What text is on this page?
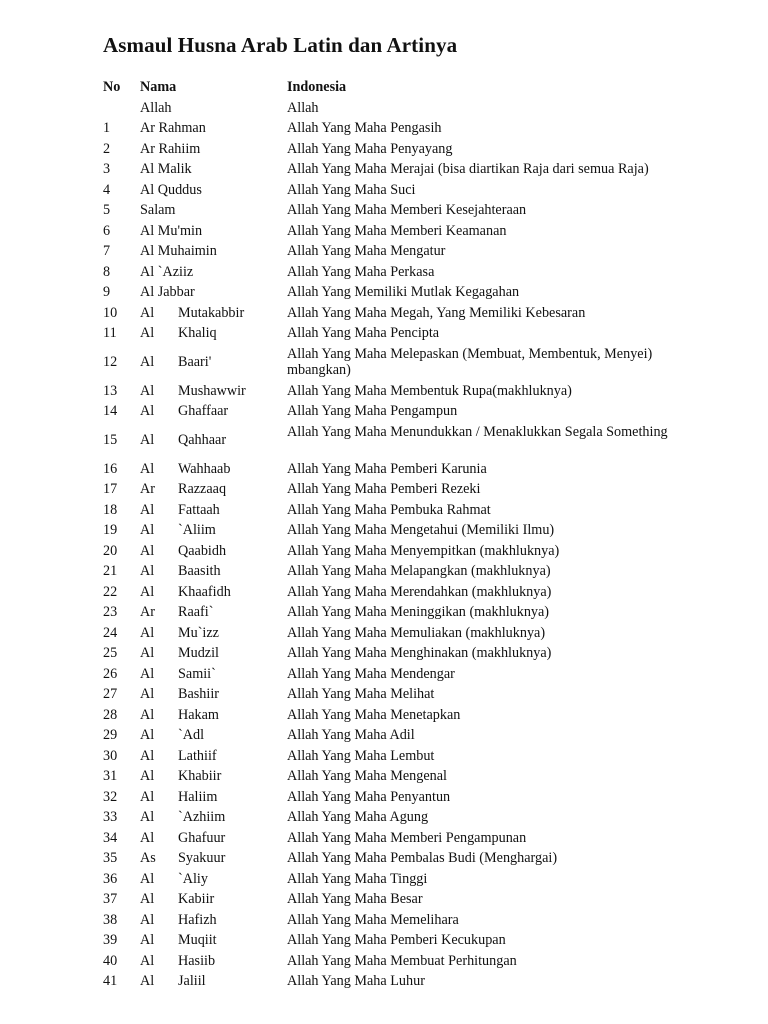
Asmaul Husna Arab Latin dan Artinya
No Nama	Indonesia
Allah	Allah
1 Ar Rahman	Allah Yang Maha Pengasih
2 Ar Rahiim	Allah Yang Maha Penyayang
3 Al Malik	Allah Yang Maha Merajai (bisa diartikan Raja dari semua Raja)
4 Al Quddus	Allah Yang Maha Suci
5 Salam	Allah Yang Maha Memberi Kesejahteraan
6 Al Mu'min	Allah Yang Maha Memberi Keamanan
7 Al Muhaimin	Allah Yang Maha Mengatur
8 Al `Aziiz	Allah Yang Maha Perkasa
9 Al Jabbar	Allah Yang Memiliki Mutlak Kegagahan
10 Al Mutakabbir	Allah Yang Maha Megah, Yang Memiliki Kebesaran
11 Al Khaliq	Allah Yang Maha Pencipta
12 Al Baari'	Allah Yang Maha Melepaskan (Membuat, Membentuk, Menyei) mbangkan)
13 Al Mushawwir	Allah Yang Maha Membentuk Rupa(makhluknya)
14 Al Ghaffaar	Allah Yang Maha Pengampun
15 Al Qahhaar	Allah Yang Maha Menundukkan / Menaklukkan Segala Something
16 Al Wahhaab	Allah Yang Maha Pemberi Karunia
17 Ar Razzaaq	Allah Yang Maha Pemberi Rezeki
18 Al Fattaah	Allah Yang Maha Pembuka Rahmat
19 Al `Aliim	Allah Yang Maha Mengetahui (Memiliki Ilmu)
20 Al Qaabidh	Allah Yang Maha Menyempitkan (makhluknya)
21 Al Baasith	Allah Yang Maha Melapangkan (makhluknya)
22 Al Khaafidh	Allah Yang Maha Merendahkan (makhluknya)
23 Ar Raafi`	Allah Yang Maha Meninggikan (makhluknya)
24 Al Mu`izz	Allah Yang Maha Memuliakan (makhluknya)
25 Al Mudzil	Allah Yang Maha Menghinakan (makhluknya)
26 Al Samii`	Allah Yang Maha Mendengar
27 Al Bashiir	Allah Yang Maha Melihat
28 Al Hakam	Allah Yang Maha Menetapkan
29 Al `Adl	Allah Yang Maha Adil
30 Al Lathiif	Allah Yang Maha Lembut
31 Al Khabiir	Allah Yang Maha Mengenal
32 Al Haliim	Allah Yang Maha Penyantun
33 Al `Azhiim	Allah Yang Maha Agung
34 Al Ghafuur	Allah Yang Maha Memberi Pengampunan
35 As Syakuur	Allah Yang Maha Pembalas Budi (Menghargai)
36 Al `Aliy	Allah Yang Maha Tinggi
37 Al Kabiir	Allah Yang Maha Besar
38 Al Hafizh	Allah Yang Maha Memelihara
39 Al Muqiit	Allah Yang Maha Pemberi Kecukupan
40 Al Hasiib	Allah Yang Maha Membuat Perhitungan
41 Al Jaliil	Allah Yang Maha Luhur
